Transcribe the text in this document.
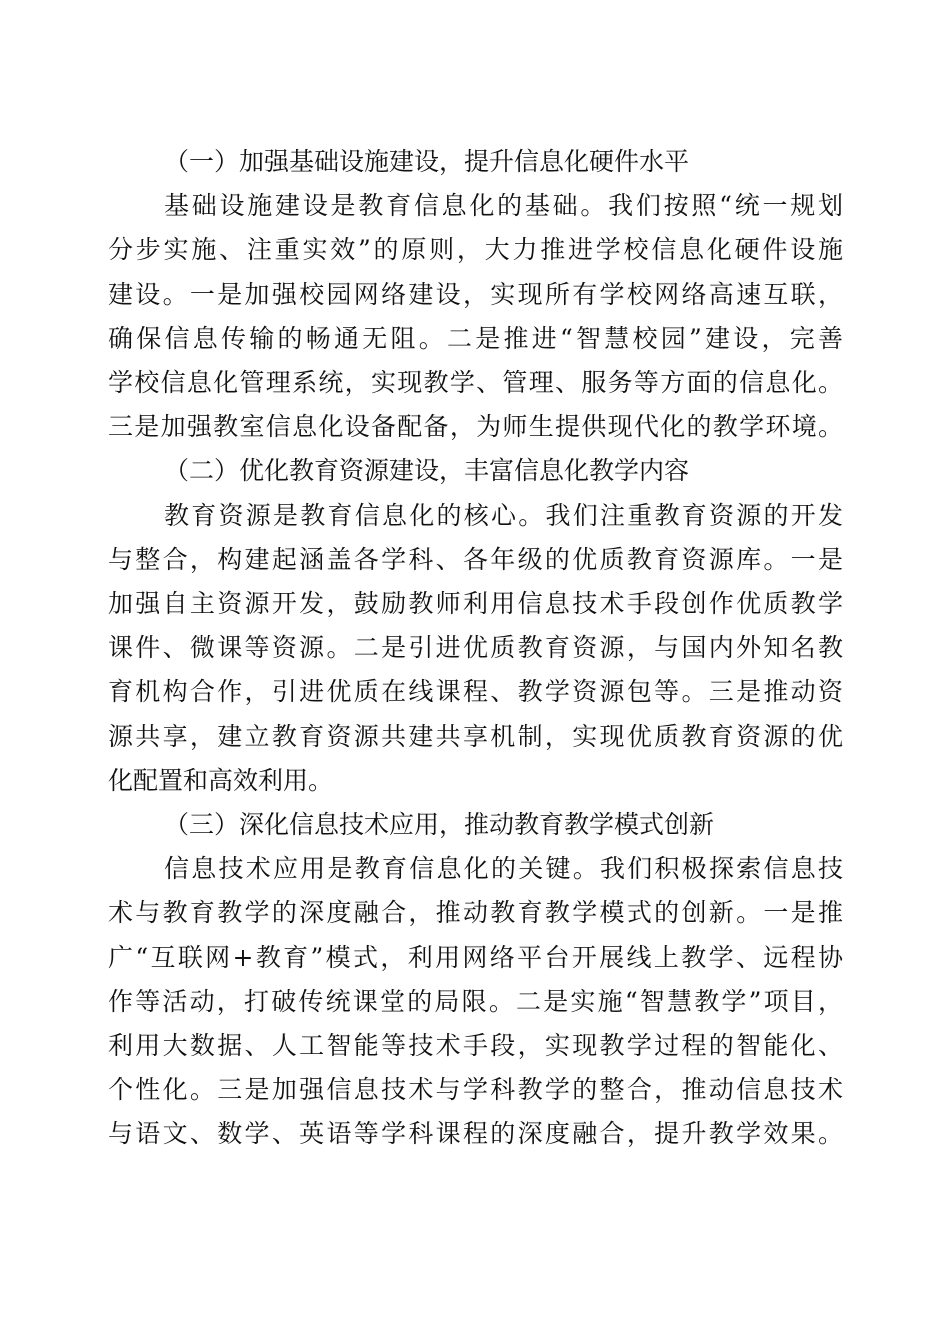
（一）加强基础设施建设，提升信息化硬件水平

基础设施建设是教育信息化的基础。我们按照“统一规划
分步实施、注重实效”的原则，大力推进学校信息化硬件设施
建设。一是加强校园网络建设，实现所有学校网络高速互联，
确保信息传输的畅通无阻。二是推进“智慧校园”建设，完善
学校信息化管理系统，实现教学、管理、服务等方面的信息化。
三是加强教室信息化设备配备，为师生提供现代化的教学环境。

（二）优化教育资源建设，丰富信息化教学内容

教育资源是教育信息化的核心。我们注重教育资源的开发
与整合，构建起涵盖各学科、各年级的优质教育资源库。一是
加强自主资源开发，鼓励教师利用信息技术手段创作优质教学
课件、微课等资源。二是引进优质教育资源，与国内外知名教
育机构合作，引进优质在线课程、教学资源包等。三是推动资
源共享，建立教育资源共建共享机制，实现优质教育资源的优
化配置和高效利用。

（三）深化信息技术应用，推动教育教学模式创新

信息技术应用是教育信息化的关键。我们积极探索信息技
术与教育教学的深度融合，推动教育教学模式的创新。一是推
广“互联网+教育”模式，利用网络平台开展线上教学、远程协
作等活动，打破传统课堂的局限。二是实施“智慧教学”项目，
利用大数据、人工智能等技术手段，实现教学过程的智能化、
个性化。三是加强信息技术与学科教学的整合，推动信息技术
与语文、数学、英语等学科课程的深度融合，提升教学效果。
